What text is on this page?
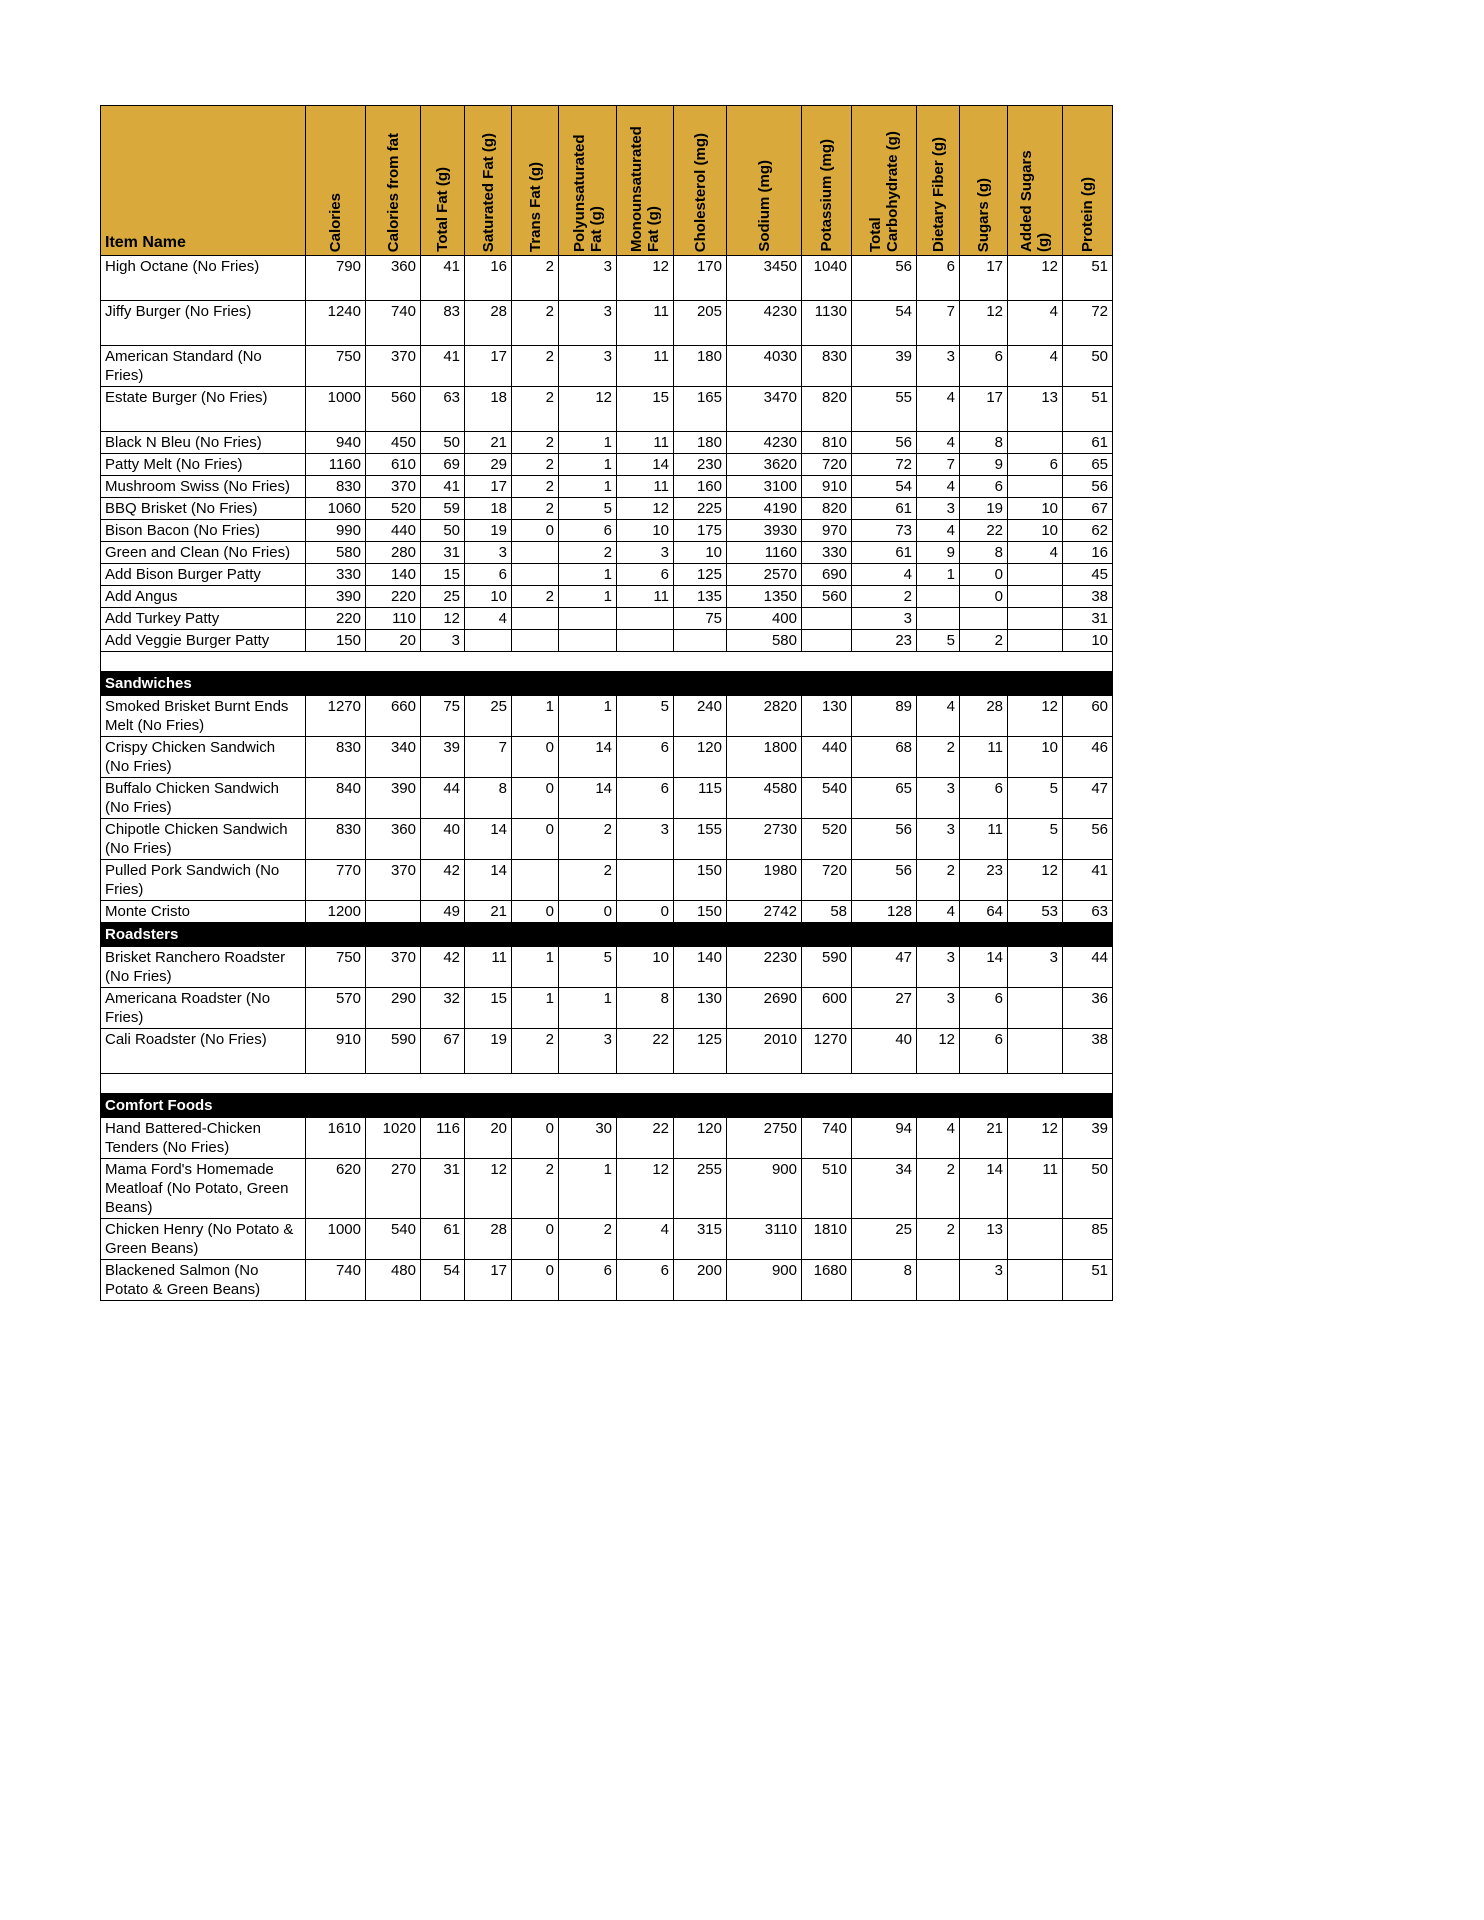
Item Name	Calories	Calories from fat	Total Fat (g)	Saturated Fat (g)	Trans Fat (g)	Polyunsaturated Fat (g)	Monounsaturated Fat (g)	Cholesterol (mg)	Sodium (mg)	Potassium (mg)	Total Carbohydrate (g)	Dietary Fiber (g)	Sugars (g)	Added Sugars (g)	Protein (g)
High Octane (No Fries)	790	360	41	16	2	3	12	170	3450	1040	56	6	17	12	51
Jiffy Burger (No Fries)	1240	740	83	28	2	3	11	205	4230	1130	54	7	12	4	72
American Standard (No Fries)	750	370	41	17	2	3	11	180	4030	830	39	3	6	4	50
Estate Burger (No Fries)	1000	560	63	18	2	12	15	165	3470	820	55	4	17	13	51
Black N Bleu (No Fries)	940	450	50	21	2	1	11	180	4230	810	56	4	8		61
Patty Melt (No Fries)	1160	610	69	29	2	1	14	230	3620	720	72	7	9	6	65
Mushroom Swiss (No Fries)	830	370	41	17	2	1	11	160	3100	910	54	4	6		56
BBQ Brisket (No Fries)	1060	520	59	18	2	5	12	225	4190	820	61	3	19	10	67
Bison Bacon (No Fries)	990	440	50	19	0	6	10	175	3930	970	73	4	22	10	62
Green and Clean (No Fries)	580	280	31	3		2	3	10	1160	330	61	9	8	4	16
Add Bison Burger Patty	330	140	15	6		1	6	125	2570	690	4	1	0		45
Add Angus	390	220	25	10	2	1	11	135	1350	560	2		0		38
Add Turkey Patty	220	110	12	4				75	400		3				31
Add Veggie Burger Patty	150	20	3						580		23	5	2		10

Sandwiches															
Smoked Brisket Burnt Ends Melt (No Fries)	1270	660	75	25	1	1	5	240	2820	130	89	4	28	12	60
Crispy Chicken Sandwich (No Fries)	830	340	39	7	0	14	6	120	1800	440	68	2	11	10	46
Buffalo Chicken Sandwich (No Fries)	840	390	44	8	0	14	6	115	4580	540	65	3	6	5	47
Chipotle Chicken Sandwich (No Fries)	830	360	40	14	0	2	3	155	2730	520	56	3	11	5	56
Pulled Pork Sandwich (No Fries)	770	370	42	14		2		150	1980	720	56	2	23	12	41
Monte Cristo	1200		49	21	0	0	0	150	2742	58	128	4	64	53	63
Roadsters															
Brisket Ranchero Roadster (No Fries)	750	370	42	11	1	5	10	140	2230	590	47	3	14	3	44
Americana Roadster (No Fries)	570	290	32	15	1	1	8	130	2690	600	27	3	6		36
Cali Roadster (No Fries)	910	590	67	19	2	3	22	125	2010	1270	40	12	6		38

Comfort Foods															
Hand Battered-Chicken Tenders (No Fries)	1610	1020	116	20	0	30	22	120	2750	740	94	4	21	12	39
Mama Ford's Homemade Meatloaf (No Potato, Green Beans)	620	270	31	12	2	1	12	255	900	510	34	2	14	11	50
Chicken Henry (No Potato & Green Beans)	1000	540	61	28	0	2	4	315	3110	1810	25	2	13		85
Blackened Salmon (No Potato & Green Beans)	740	480	54	17	0	6	6	200	900	1680	8		3		51
